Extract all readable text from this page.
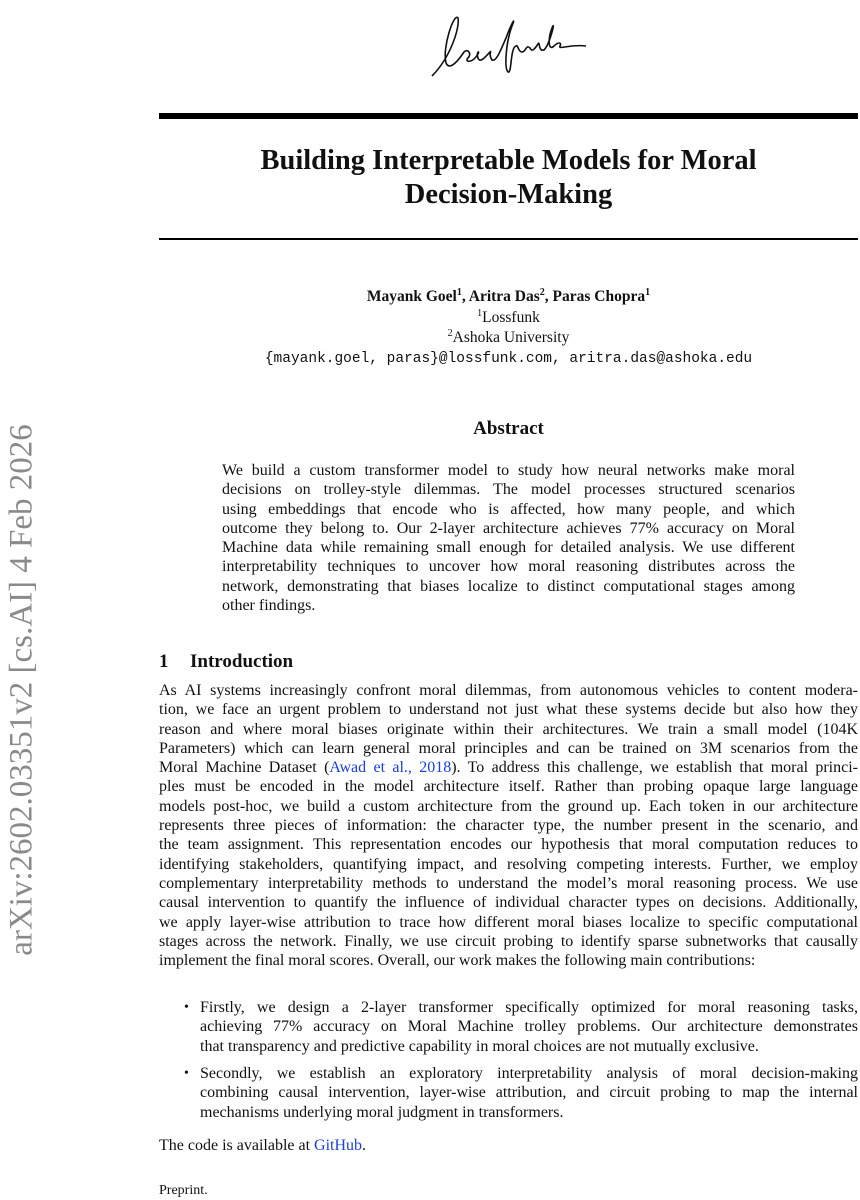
arXiv:2602.03351v2 [cs.AI] 4 Feb 2026
Building Interpretable Models for Moral
Decision-Making
Mayank Goel$^1$, Aritra Das$^2$, Paras Chopra$^1$
$^1$Lossfunk
$^2$Ashoka University
{mayank.goel, paras}@lossfunk.com, aritra.das@ashoka.edu
Abstract
We build a custom transformer model to study how neural networks make moral
decisions on trolley-style dilemmas. The model processes structured scenarios
using embeddings that encode who is affected, how many people, and which
outcome they belong to. Our 2-layer architecture achieves 77% accuracy on Moral
Machine data while remaining small enough for detailed analysis. We use different
interpretability techniques to uncover how moral reasoning distributes across the
network, demonstrating that biases localize to distinct computational stages among
other findings.
1 Introduction
As AI systems increasingly confront moral dilemmas, from autonomous vehicles to content modera-
tion, we face an urgent problem to understand not just what these systems decide but also how they
reason and where moral biases originate within their architectures. We train a small model (104K
Parameters) which can learn general moral principles and can be trained on 3M scenarios from the
Moral Machine Dataset (Awad et al., 2018). To address this challenge, we establish that moral princi-
ples must be encoded in the model architecture itself. Rather than probing opaque large language
models post-hoc, we build a custom architecture from the ground up. Each token in our architecture
represents three pieces of information: the character type, the number present in the scenario, and
the team assignment. This representation encodes our hypothesis that moral computation reduces to
identifying stakeholders, quantifying impact, and resolving competing interests. Further, we employ
complementary interpretability methods to understand the model’s moral reasoning process. We use
causal intervention to quantify the influence of individual character types on decisions. Additionally,
we apply layer-wise attribution to trace how different moral biases localize to specific computational
stages across the network. Finally, we use circuit probing to identify sparse subnetworks that causally
implement the final moral scores. Overall, our work makes the following main contributions:
• Firstly, we design a 2-layer transformer specifically optimized for moral reasoning tasks,
achieving 77% accuracy on Moral Machine trolley problems. Our architecture demonstrates
that transparency and predictive capability in moral choices are not mutually exclusive.
• Secondly, we establish an exploratory interpretability analysis of moral decision-making
combining causal intervention, layer-wise attribution, and circuit probing to map the internal
mechanisms underlying moral judgment in transformers.
The code is available at GitHub.
Preprint.
